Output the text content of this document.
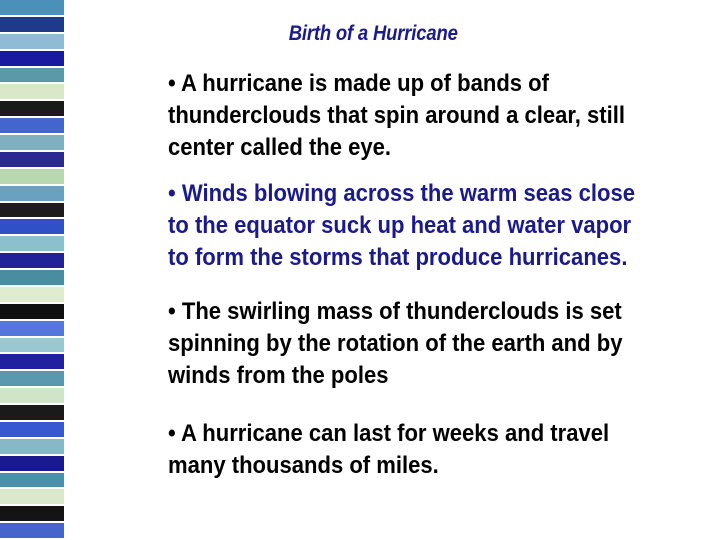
Birth of a Hurricane
• A hurricane is made up of bands of thunderclouds that spin around a clear, still center called the eye.
• Winds blowing across the warm seas close to the equator suck up heat and water vapor to form the storms that produce hurricanes.
• The swirling mass of thunderclouds is set spinning by the rotation of the earth and by winds from the poles
• A hurricane can last for weeks and travel many thousands of miles.
